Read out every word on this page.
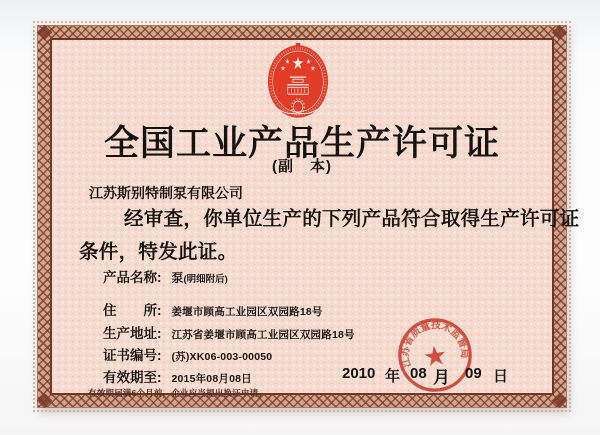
全国工业产品生产许可证
(副　本)
江苏斯别特制泵有限公司
经审查，你单位生产的下列产品符合取得生产许可证
条件，特发此证。
产品名称: 泵(明细附后)
住　　所: 姜堰市顾高工业园区双园路18号
生产地址: 江苏省姜堰市顾高工业园区双园路18号
证书编号: (苏)XK06-003-00050
有效期至: 2015年08月08日
有效期届满6个月前，企业应当提出换证申请。
2010 年 08 月 09 日
江苏省质量技术监督局
